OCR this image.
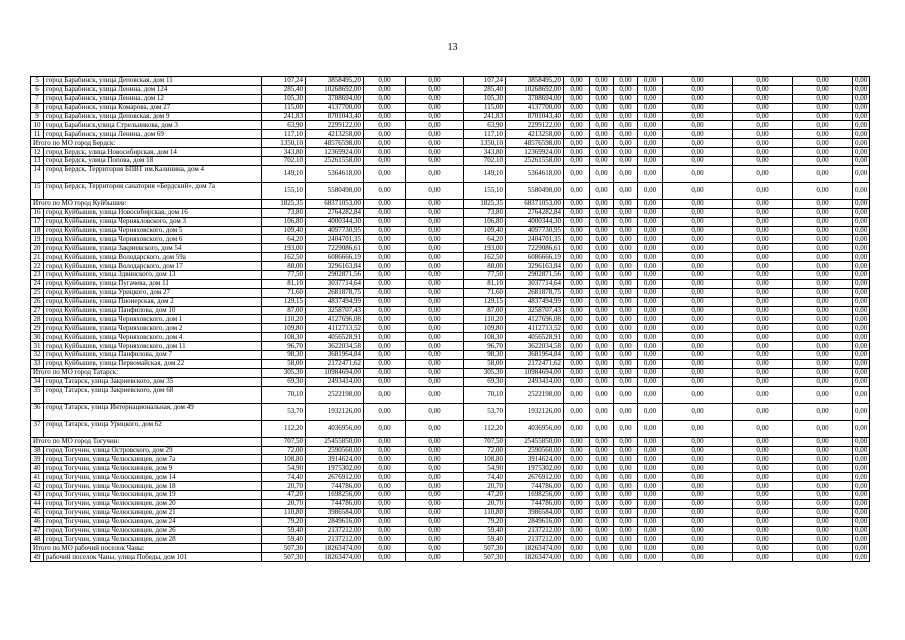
13
5	город Барабинск, улица Деповская, дом 11	107,24	3858495,20	0,00	0,00	107,24	3858495,20	0,00	0,00	0,00	0,00	0,00	0,00	0,00	0,00
6	город Барабинск, улица Ленина, дом 124	285,40	10268692,00	0,00	0,00	285,40	10268692,00	0,00	0,00	0,00	0,00	0,00	0,00	0,00	0,00
7	город Барабинск, улица Ленина, дом 12	105,30	3788694,00	0,00	0,00	105,30	3788694,00	0,00	0,00	0,00	0,00	0,00	0,00	0,00	0,00
8	город Барабинск, улица Комарова, дом 27	115,00	4137700,00	0,00	0,00	115,00	4137700,00	0,00	0,00	0,00	0,00	0,00	0,00	0,00	0,00
9	город Барабинск, улица Деповская, дом 9	241,83	8701043,40	0,00	0,00	241,83	8701043,40	0,00	0,00	0,00	0,00	0,00	0,00	0,00	0,00
10	город Барабинск,улица Стрельникова, дом 3	63,90	2299122,00	0,00	0,00	63,90	2299122,00	0,00	0,00	0,00	0,00	0,00	0,00	0,00	0,00
11	город Барабинск, улица Ленина, дом 69	117,10	4213258,00	0,00	0,00	117,10	4213258,00	0,00	0,00	0,00	0,00	0,00	0,00	0,00	0,00
Итого по МО город Бердск:		1350,10	48576598,00	0,00	0,00	1350,10	48576598,00	0,00	0,00	0,00	0,00	0,00	0,00	0,00	0,00
12	город Бердск, улица Новосибирская, дом 14	343,80	12369924,00	0,00	0,00	343,80	12369924,00	0,00	0,00	0,00	0,00	0,00	0,00	0,00	0,00
13	город Бердск, улица Попова, дом 18	702,10	25261558,00	0,00	0,00	702,10	25261558,00	0,00	0,00	0,00	0,00	0,00	0,00	0,00	0,00
14	город Бердск, Территория БПВТ им.Калинина, дом 4	149,10	5364618,00	0,00	0,00	149,10	5364618,00	0,00	0,00	0,00	0,00	0,00	0,00	0,00	0,00
15	город Бердск, Территория санатория «Бердский», дом 7а	155,10	5580498,00	0,00	0,00	155,10	5580498,00	0,00	0,00	0,00	0,00	0,00	0,00	0,00	0,00
Итого по МО город Куйбышев:		1825,35	68371053,00	0,00	0,00	1825,35	68371053,00	0,00	0,00	0,00	0,00	0,00	0,00	0,00	0,00
16	город Куйбышев, улица Новосибирская, дом 16	73,80	2764282,84	0,00	0,00	73,80	2764282,84	0,00	0,00	0,00	0,00	0,00	0,00	0,00	0,00
17	город Куйбышев, улица Чернякловского, дом 3	106,80	4000344,30	0,00	0,00	106,80	4000344,30	0,00	0,00	0,00	0,00	0,00	0,00	0,00	0,00
18	город Куйбышев, улица Черняховского, дом 5	109,40	4097730,95	0,00	0,00	109,40	4097730,95	0,00	0,00	0,00	0,00	0,00	0,00	0,00	0,00
19	город Куйбышев, улица Черняховского, дом 6	64,20	2404701,35	0,00	0,00	64,20	2404701,35	0,00	0,00	0,00	0,00	0,00	0,00	0,00	0,00
20	город Куйбышев, улица Закриевского, дом 54	193,00	7229086,61	0,00	0,00	193,00	7229086,61	0,00	0,00	0,00	0,00	0,00	0,00	0,00	0,00
21	город Куйбышев, улица Володарского, дом 59а	162,50	6086666,19	0,00	0,00	162,50	6086666,19	0,00	0,00	0,00	0,00	0,00	0,00	0,00	0,00
22	город Куйбышев, улица Володарского, дом 17	88,00	3296163,84	0,00	0,00	88,00	3296163,84	0,00	0,00	0,00	0,00	0,00	0,00	0,00	0,00
23	город Куйбышев, улица Здвинского, дом 13	77,50	2902871,56	0,00	0,00	77,50	2902871,56	0,00	0,00	0,00	0,00	0,00	0,00	0,00	0,00
24	город Куйбышев, улица Пугачева, дом 11	81,10	3037714,64	0,00	0,00	81,10	3037714,64	0,00	0,00	0,00	0,00	0,00	0,00	0,00	0,00
25	город Куйбышев, улица Урицкого, дом 27	71,60	2681878,75	0,00	0,00	71,60	2681878,75	0,00	0,00	0,00	0,00	0,00	0,00	0,00	0,00
26	город Куйбышев, улица Пионерская, дом 2	129,15	4837494,99	0,00	0,00	129,15	4837494,99	0,00	0,00	0,00	0,00	0,00	0,00	0,00	0,00
27	город Куйбышев, улица Панфилова, дом 10	87,00	3258707,43	0,00	0,00	87,00	3258707,43	0,00	0,00	0,00	0,00	0,00	0,00	0,00	0,00
28	город Куйбышев, улица Черняховского, дом 1	110,20	4127696,08	0,00	0,00	110,20	4127696,08	0,00	0,00	0,00	0,00	0,00	0,00	0,00	0,00
29	город Куйбышев, улица Черняховского, дом 2	109,80	4112713,52	0,00	0,00	109,80	4112713,52	0,00	0,00	0,00	0,00	0,00	0,00	0,00	0,00
30	город Куйбышев, улица Черняховского, дом 4	108,30	4056528,91	0,00	0,00	108,30	4056528,91	0,00	0,00	0,00	0,00	0,00	0,00	0,00	0,00
31	город Куйбышев, улица Черняховского, дом 11	96,70	3622034,58	0,00	0,00	96,70	3622034,58	0,00	0,00	0,00	0,00	0,00	0,00	0,00	0,00
32	город Куйбышев, улица Панфилова, дом 7	98,30	3681964,84	0,00	0,00	98,30	3681964,84	0,00	0,00	0,00	0,00	0,00	0,00	0,00	0,00
33	город Куйбышев, улица Первомайская, дом 22	58,00	2172471,62	0,00	0,00	58,00	2172471,62	0,00	0,00	0,00	0,00	0,00	0,00	0,00	0,00
Итого по МО город Татарск:		305,30	10984694,00	0,00	0,00	305,30	10984694,00	0,00	0,00	0,00	0,00	0,00	0,00	0,00	0,00
34	город Татарск, улица Закриевского, дом 35	69,30	2493414,00	0,00	0,00	69,30	2493414,00	0,00	0,00	0,00	0,00	0,00	0,00	0,00	0,00
35	город Татарск, улица Закриевского, дом 68	70,10	2522198,00	0,00	0,00	70,10	2522198,00	0,00	0,00	0,00	0,00	0,00	0,00	0,00	0,00
36	город Татарск, улица Интернациональная, дом 49	53,70	1932126,00	0,00	0,00	53,70	1932126,00	0,00	0,00	0,00	0,00	0,00	0,00	0,00	0,00
37	город Татарск, улица Урицкого, дом 62	112,20	4036956,00	0,00	0,00	112,20	4036956,00	0,00	0,00	0,00	0,00	0,00	0,00	0,00	0,00
Итого по МО город Тогучин:		707,50	25455850,00	0,00	0,00	707,50	25455850,00	0,00	0,00	0,00	0,00	0,00	0,00	0,00	0,00
38	город Тогучин, улица Островского, дом 29	72,00	2590560,00	0,00	0,00	72,00	2590560,00	0,00	0,00	0,00	0,00	0,00	0,00	0,00	0,00
39	город Тогучин, улица Челюскинцев, дом 7а	108,80	3914624,00	0,00	0,00	108,80	3914624,00	0,00	0,00	0,00	0,00	0,00	0,00	0,00	0,00
40	город Тогучин, улица Челюскинцев, дом 9	54,90	1975302,00	0,00	0,00	54,90	1975302,00	0,00	0,00	0,00	0,00	0,00	0,00	0,00	0,00
41	город Тогучин, улица Челюскинцев, дом 14	74,40	2676912,00	0,00	0,00	74,40	2676912,00	0,00	0,00	0,00	0,00	0,00	0,00	0,00	0,00
42	город Тогучин, улица Челюскинцев, дом 18	20,70	744786,00	0,00	0,00	20,70	744786,00	0,00	0,00	0,00	0,00	0,00	0,00	0,00	0,00
43	город Тогучин, улица Челюскинцев, дом 19	47,20	1698256,00	0,00	0,00	47,20	1698256,00	0,00	0,00	0,00	0,00	0,00	0,00	0,00	0,00
44	город Тогучин, улица Челюскинцев, дом 20	20,70	744786,00	0,00	0,00	20,70	744786,00	0,00	0,00	0,00	0,00	0,00	0,00	0,00	0,00
45	город Тогучин, улица Челюскинцев, дом 21	110,80	3986584,00	0,00	0,00	110,80	3986584,00	0,00	0,00	0,00	0,00	0,00	0,00	0,00	0,00
46	город Тогучин, улица Челюскинцев, дом 24	79,20	2849616,00	0,00	0,00	79,20	2849616,00	0,00	0,00	0,00	0,00	0,00	0,00	0,00	0,00
47	город Тогучин, улица Челюскинцев, дом 26	59,40	2137212,00	0,00	0,00	59,40	2137212,00	0,00	0,00	0,00	0,00	0,00	0,00	0,00	0,00
48	город Тогучин, улица Челюскинцев, дом 28	59,40	2137212,00	0,00	0,00	59,40	2137212,00	0,00	0,00	0,00	0,00	0,00	0,00	0,00	0,00
Итого по МО рабочий поселок Чаны:		507,30	18263474,00	0,00	0,00	507,30	18263474,00	0,00	0,00	0,00	0,00	0,00	0,00	0,00	0,00
49	рабочий поселок Чаны, улица Победы, дом 101	507,30	18263474,00	0,00	0,00	507,30	18263474,00	0,00	0,00	0,00	0,00	0,00	0,00	0,00	0,00
